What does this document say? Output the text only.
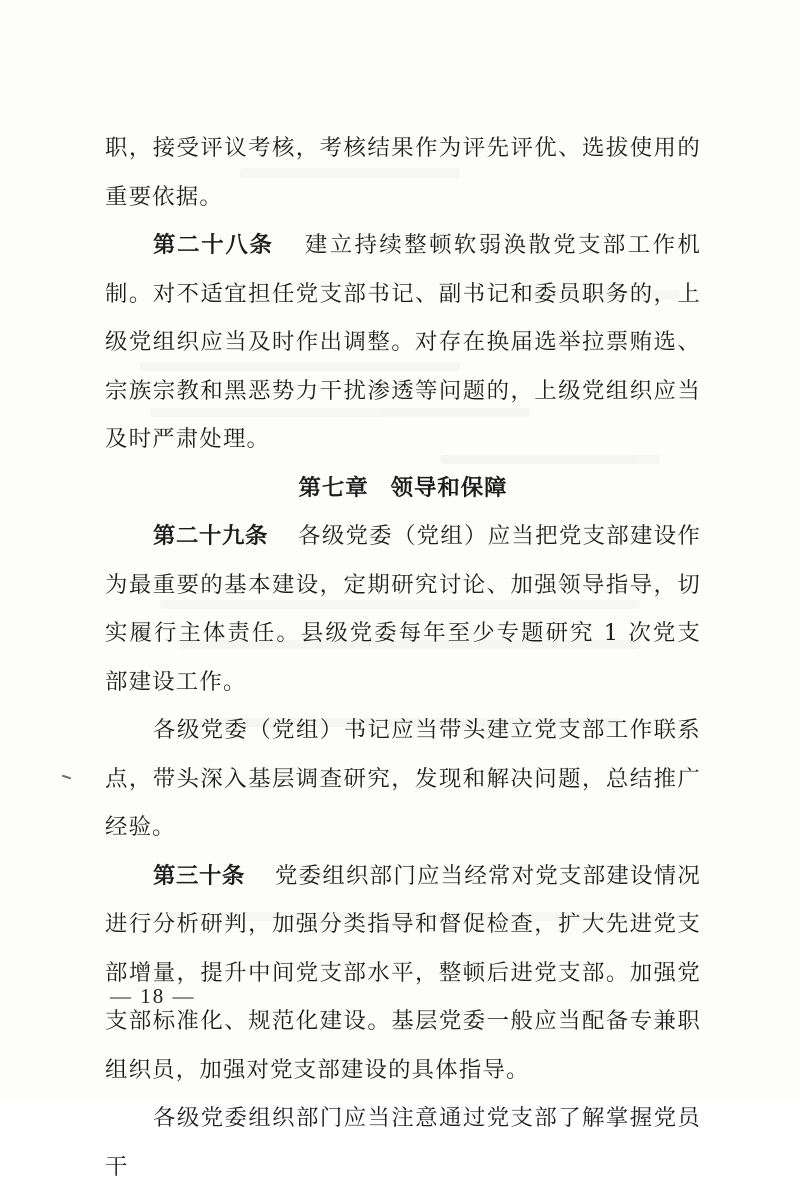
职，接受评议考核，考核结果作为评先评优、选拔使用的重要依据。

第二十八条 建立持续整顿软弱涣散党支部工作机制。对不适宜担任党支部书记、副书记和委员职务的，上级党组织应当及时作出调整。对存在换届选举拉票贿选、宗族宗教和黑恶势力干扰渗透等问题的，上级党组织应当及时严肃处理。

第七章 领导和保障

第二十九条 各级党委（党组）应当把党支部建设作为最重要的基本建设，定期研究讨论、加强领导指导，切实履行主体责任。县级党委每年至少专题研究 1 次党支部建设工作。

各级党委（党组）书记应当带头建立党支部工作联系点，带头深入基层调查研究，发现和解决问题，总结推广经验。

第三十条 党委组织部门应当经常对党支部建设情况进行分析研判，加强分类指导和督促检查，扩大先进党支部增量，提升中间党支部水平，整顿后进党支部。加强党支部标准化、规范化建设。基层党委一般应当配备专兼职组织员，加强对党支部建设的具体指导。

各级党委组织部门应当注意通过党支部了解掌握党员干

— 18 —
